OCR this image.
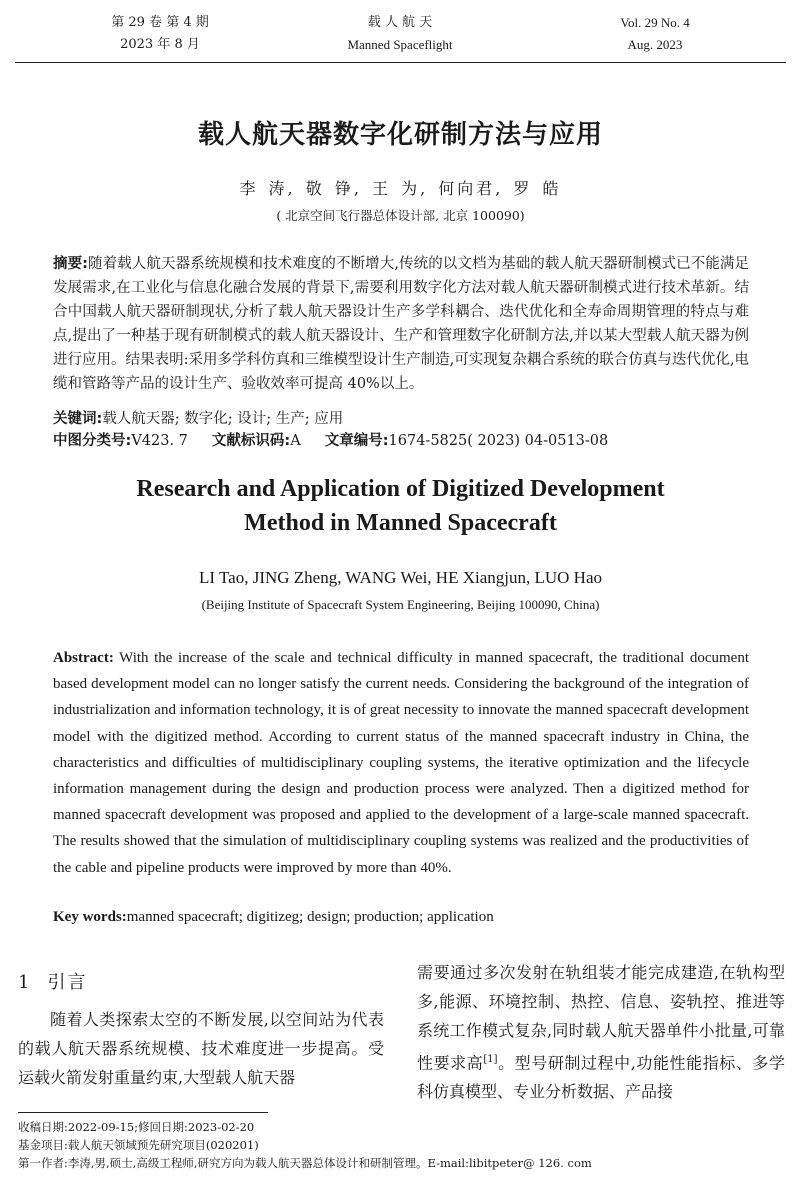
第 29 卷 第 4 期
2023 年 8 月
载 人 航 天
Manned Spaceflight
Vol. 29 No. 4
Aug. 2023
载人航天器数字化研制方法与应用
李 涛, 敬 铮, 王 为, 何向君, 罗 皓
( 北京空间飞行器总体设计部, 北京 100090)
摘要:随着载人航天器系统规模和技术难度的不断增大,传统的以文档为基础的载人航天器研制模式已不能满足发展需求,在工业化与信息化融合发展的背景下,需要利用数字化方法对载人航天器研制模式进行技术革新。结合中国载人航天器研制现状,分析了载人航天器设计生产多学科耦合、迭代优化和全寿命周期管理的特点与难点,提出了一种基于现有研制模式的载人航天器设计、生产和管理数字化研制方法,并以某大型载人航天器为例进行应用。结果表明:采用多学科仿真和三维模型设计生产制造,可实现复杂耦合系统的联合仿真与迭代优化,电缆和管路等产品的设计生产、验收效率可提高 40%以上。
关键词:载人航天器; 数字化; 设计; 生产; 应用
中图分类号:V423. 7 文献标识码:A 文章编号:1674-5825( 2023) 04-0513-08
Research and Application of Digitized Development
Method in Manned Spacecraft
LI Tao, JING Zheng, WANG Wei, HE Xiangjun, LUO Hao
(Beijing Institute of Spacecraft System Engineering, Beijing 100090, China)
Abstract: With the increase of the scale and technical difficulty in manned spacecraft, the traditional document based development model can no longer satisfy the current needs. Considering the background of the integration of industrialization and information technology, it is of great necessity to innovate the manned spacecraft development model with the digitized method. According to current status of the manned spacecraft industry in China, the characteristics and difficulties of multidisciplinary coupling systems, the iterative optimization and the lifecycle information management during the design and production process were analyzed. Then a digitized method for manned spacecraft development was proposed and applied to the development of a large-scale manned spacecraft. The results showed that the simulation of multidisciplinary coupling systems was realized and the productivities of the cable and pipeline products were improved by more than 40%.
Key words:manned spacecraft; digitizeg; design; production; application
1 引言
随着人类探索太空的不断发展,以空间站为代表的载人航天器系统规模、技术难度进一步提高。受运载火箭发射重量约束,大型载人航天器
需要通过多次发射在轨组装才能完成建造,在轨构型多,能源、环境控制、热控、信息、姿轨控、推进等系统工作模式复杂,同时载人航天器单件小批量,可靠性要求高[1]。型号研制过程中,功能性能指标、多学科仿真模型、专业分析数据、产品接
收稿日期:2022-09-15;修回日期:2023-02-20
基金项目:载人航天领域预先研究项目(020201)
第一作者:李涛,男,硕士,高级工程师,研究方向为载人航天器总体设计和研制管理。E-mail:libitpeter@ 126. com
